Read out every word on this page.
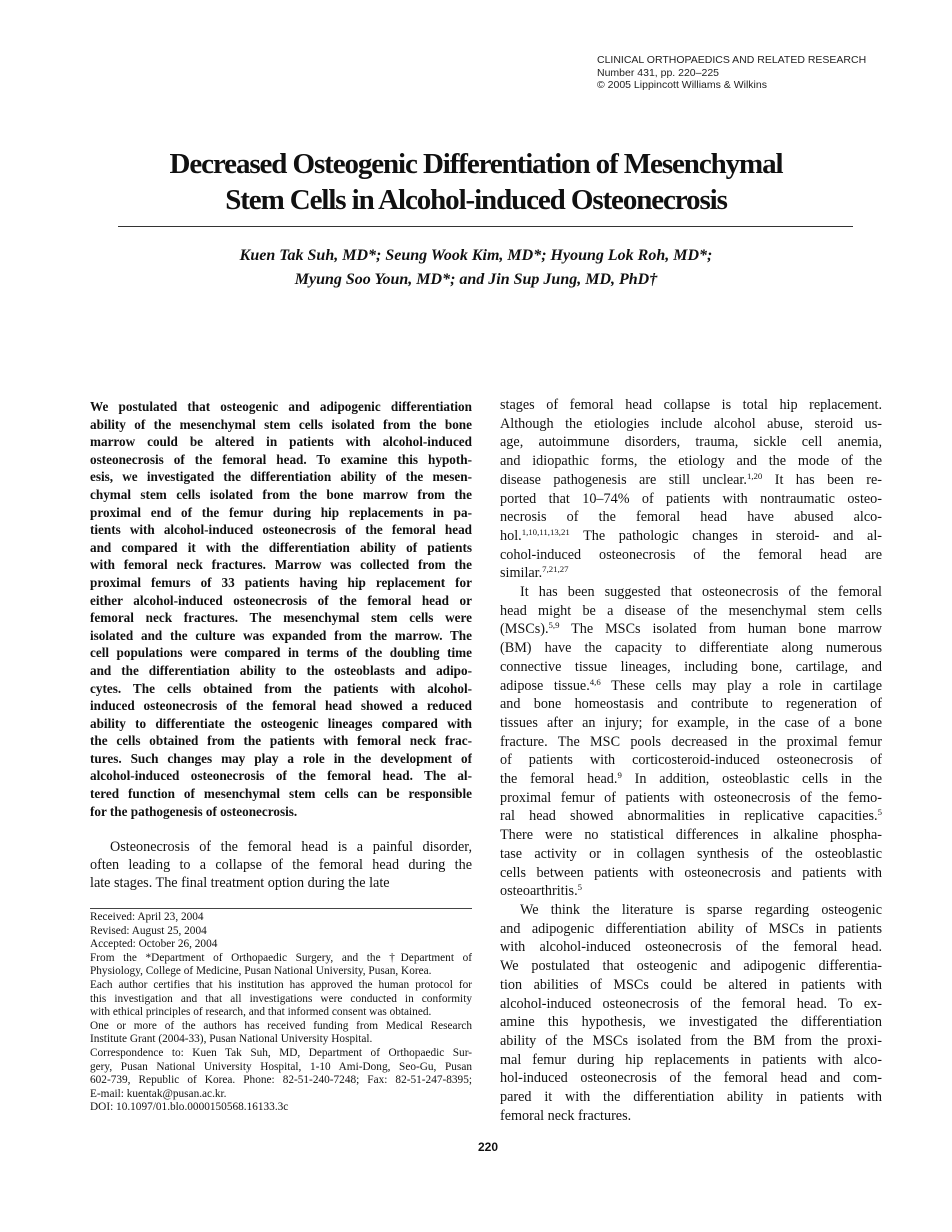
CLINICAL ORTHOPAEDICS AND RELATED RESEARCH
Number 431, pp. 220–225
© 2005 Lippincott Williams & Wilkins
Decreased Osteogenic Differentiation of Mesenchymal
Stem Cells in Alcohol-induced Osteonecrosis
Kuen Tak Suh, MD*; Seung Wook Kim, MD*; Hyoung Lok Roh, MD*;
Myung Soo Youn, MD*; and Jin Sup Jung, MD, PhD†
We postulated that osteogenic and adipogenic differentiation
ability of the mesenchymal stem cells isolated from the bone
marrow could be altered in patients with alcohol-induced
osteonecrosis of the femoral head. To examine this hypoth-
esis, we investigated the differentiation ability of the mesen-
chymal stem cells isolated from the bone marrow from the
proximal end of the femur during hip replacements in pa-
tients with alcohol-induced osteonecrosis of the femoral head
and compared it with the differentiation ability of patients
with femoral neck fractures. Marrow was collected from the
proximal femurs of 33 patients having hip replacement for
either alcohol-induced osteonecrosis of the femoral head or
femoral neck fractures. The mesenchymal stem cells were
isolated and the culture was expanded from the marrow. The
cell populations were compared in terms of the doubling time
and the differentiation ability to the osteoblasts and adipo-
cytes. The cells obtained from the patients with alcohol-
induced osteonecrosis of the femoral head showed a reduced
ability to differentiate the osteogenic lineages compared with
the cells obtained from the patients with femoral neck frac-
tures. Such changes may play a role in the development of
alcohol-induced osteonecrosis of the femoral head. The al-
tered function of mesenchymal stem cells can be responsible
for the pathogenesis of osteonecrosis.
Osteonecrosis of the femoral head is a painful disorder,
often leading to a collapse of the femoral head during the
late stages. The final treatment option during the late
stages of femoral head collapse is total hip replacement.
Although the etiologies include alcohol abuse, steroid us-
age, autoimmune disorders, trauma, sickle cell anemia,
and idiopathic forms, the etiology and the mode of the
disease pathogenesis are still unclear.$^{1,20}$ It has been re-
ported that 10–74% of patients with nontraumatic osteo-
necrosis of the femoral head have abused alco-
hol.$^{1,10,11,13,21}$ The pathologic changes in steroid- and al-
cohol-induced osteonecrosis of the femoral head are
similar.$^{7,21,27}$
It has been suggested that osteonecrosis of the femoral
head might be a disease of the mesenchymal stem cells
(MSCs).$^{5,9}$ The MSCs isolated from human bone marrow
(BM) have the capacity to differentiate along numerous
connective tissue lineages, including bone, cartilage, and
adipose tissue.$^{4,6}$ These cells may play a role in cartilage
and bone homeostasis and contribute to regeneration of
tissues after an injury; for example, in the case of a bone
fracture. The MSC pools decreased in the proximal femur
of patients with corticosteroid-induced osteonecrosis of
the femoral head.$^9$ In addition, osteoblastic cells in the
proximal femur of patients with osteonecrosis of the femo-
ral head showed abnormalities in replicative capacities.$^5$
There were no statistical differences in alkaline phospha-
tase activity or in collagen synthesis of the osteoblastic
cells between patients with osteonecrosis and patients with
osteoarthritis.$^5$
We think the literature is sparse regarding osteogenic
and adipogenic differentiation ability of MSCs in patients
with alcohol-induced osteonecrosis of the femoral head.
We postulated that osteogenic and adipogenic differentia-
tion abilities of MSCs could be altered in patients with
alcohol-induced osteonecrosis of the femoral head. To ex-
amine this hypothesis, we investigated the differentiation
ability of the MSCs isolated from the BM from the proxi-
mal femur during hip replacements in patients with alco-
hol-induced osteonecrosis of the femoral head and com-
pared it with the differentiation ability in patients with
femoral neck fractures.
Received: April 23, 2004
Revised: August 25, 2004
Accepted: October 26, 2004
From the *Department of Orthopaedic Surgery, and the †Department of
Physiology, College of Medicine, Pusan National University, Pusan, Korea.
Each author certifies that his institution has approved the human protocol for
this investigation and that all investigations were conducted in conformity
with ethical principles of research, and that informed consent was obtained.
One or more of the authors has received funding from Medical Research
Institute Grant (2004-33), Pusan National University Hospital.
Correspondence to: Kuen Tak Suh, MD, Department of Orthopaedic Sur-
gery, Pusan National University Hospital, 1-10 Ami-Dong, Seo-Gu, Pusan
602-739, Republic of Korea. Phone: 82-51-240-7248; Fax: 82-51-247-8395;
E-mail: kuentak@pusan.ac.kr.
DOI: 10.1097/01.blo.0000150568.16133.3c
220
